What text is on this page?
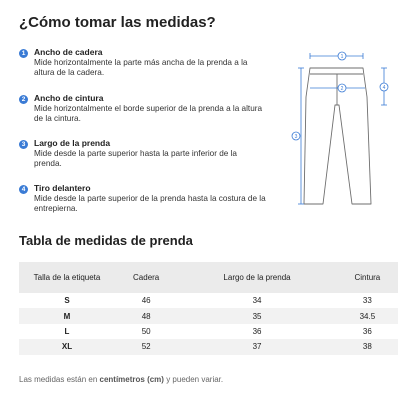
¿Cómo tomar las medidas?
1	Ancho de cadera
Mide horizontalmente la parte más ancha de la prenda a la altura de la cadera.
2	Ancho de cintura
Mide horizontalmente el borde superior de la prenda a la altura de la cintura.
3	Largo de la prenda
Mide desde la parte superior hasta la parte inferior de la prenda.
4	Tiro delantero
Mide desde la parte superior de la prenda hasta la costura de la entrepierna.
1
2
3
4
Tabla de medidas de prenda
Talla de la etiqueta	Cadera	Largo de la prenda	Cintura
S	46	34	33
M	48	35	34.5
L	50	36	36
XL	52	37	38
Las medidas están en centímetros (cm) y pueden variar.
